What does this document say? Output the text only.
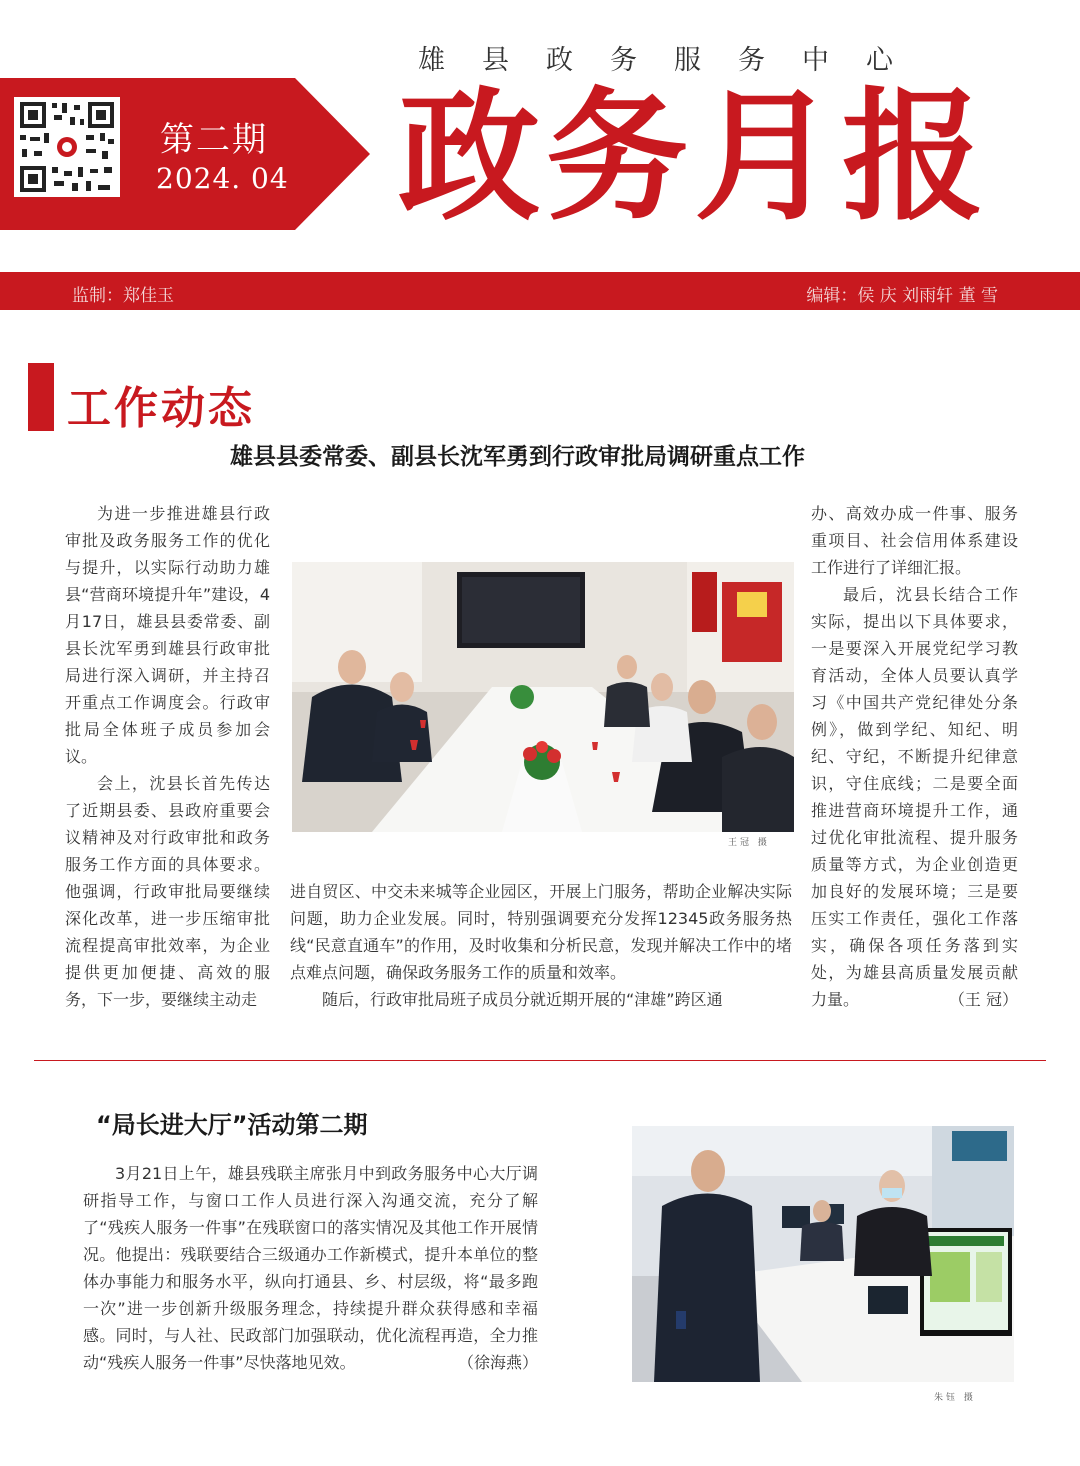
雄县政务服务中心
第二期
2024. 04 政务月报
监制：郑佳玉	编辑：侯 庆 刘雨轩 董 雪
工作动态
雄县县委常委、副县长沈军勇到行政审批局调研重点工作

为进一步推进雄县行政审批及政务服务工作的优化与提升，以实际行动助力雄县“营商环境提升年”建设，4月17日，雄县县委常委、副县长沈军勇到雄县行政审批局进行深入调研，并主持召开重点工作调度会。行政审批局全体班子成员参加会议。

会上，沈县长首先传达了近期县委、县政府重要会议精神及对行政审批和政务服务工作方面的具体要求。他强调，行政审批局要继续深化改革，进一步压缩审批流程提高审批效率，为企业提供更加便捷、高效的服务，下一步，要继续主动走

王冠 摄

进自贸区、中交未来城等企业园区，开展上门服务，帮助企业解决实际问题，助力企业发展。同时，特别强调要充分发挥12345政务服务热线“民意直通车”的作用，及时收集和分析民意，发现并解决工作中的堵点难点问题，确保政务服务工作的质量和效率。

随后，行政审批局班子成员分就近期开展的“津雄”跨区通

办、高效办成一件事、服务重项目、社会信用体系建设工作进行了详细汇报。

最后，沈县长结合工作实际，提出以下具体要求，一是要深入开展党纪学习教育活动，全体人员要认真学习《中国共产党纪律处分条例》，做到学纪、知纪、明纪、守纪，不断提升纪律意识，守住底线；二是要全面推进营商环境提升工作，通过优化审批流程、提升服务质量等方式，为企业创造更加良好的发展环境；三是要压实工作责任，强化工作落实，确保各项任务落到实处，为雄县高质量发展贡献力量。	（王 冠）
“局长进大厅”活动第二期

3月21日上午，雄县残联主席张月中到政务服务中心大厅调研指导工作，与窗口工作人员进行深入沟通交流，充分了解了“残疾人服务一件事”在残联窗口的落实情况及其他工作开展情况。他提出：残联要结合三级通办工作新模式，提升本单位的整体办事能力和服务水平，纵向打通县、乡、村层级，将“最多跑一次”进一步创新升级服务理念，持续提升群众获得感和幸福感。同时，与人社、民政部门加强联动，优化流程再造，全力推动“残疾人服务一件事”尽快落地见效。	（徐海燕）
朱钰 摄
